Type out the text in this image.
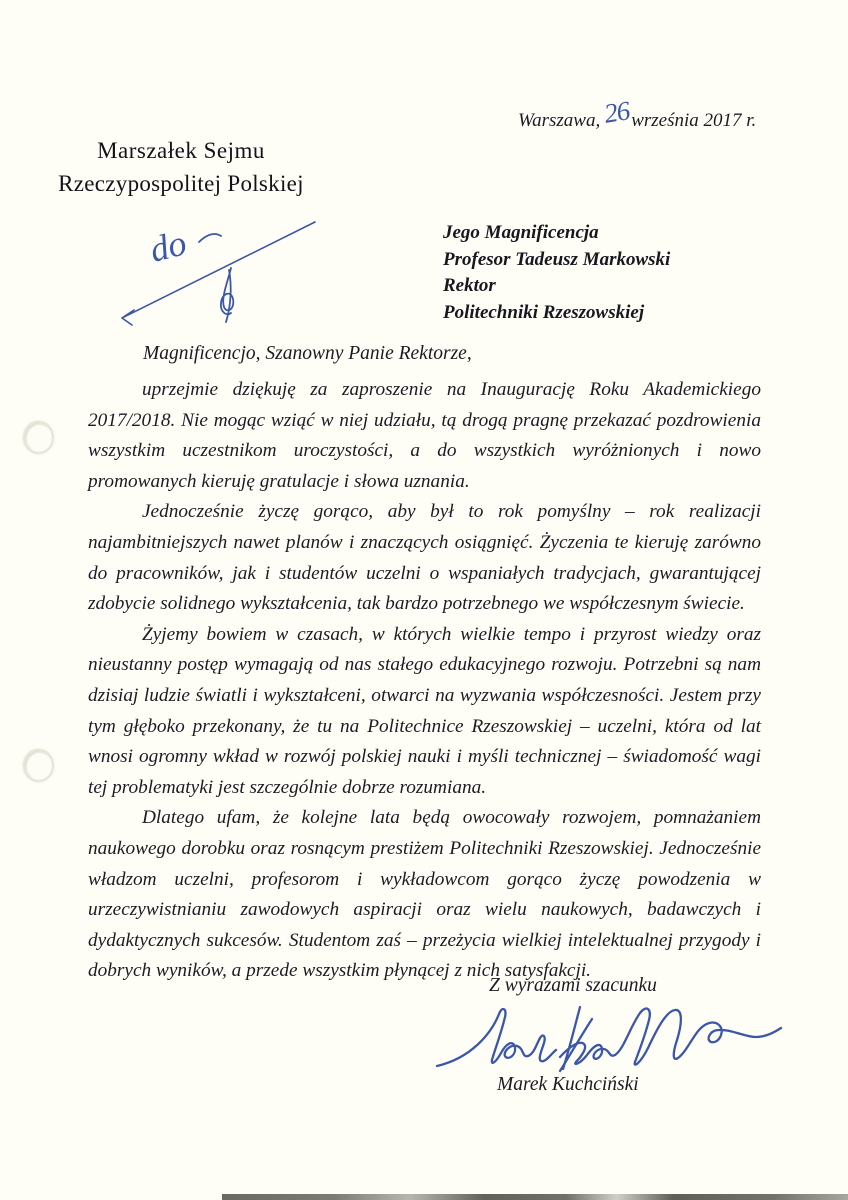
Marszałek Sejmu
Rzeczypospolitej Polskiej
Warszawa,26września 2017 r.
Jego Magnificencja
Profesor Tadeusz Markowski
Rektor
Politechniki Rzeszowskiej
do
Magnificencjo, Szanowny Panie Rektorze,

uprzejmie dziękuję za zaproszenie na Inaugurację Roku Akademickiego 2017/2018. Nie mogąc wziąć w niej udziału, tą drogą pragnę przekazać pozdrowienia wszystkim uczestnikom uroczystości, a do wszystkich wyróżnionych i nowo promowanych kieruję gratulacje i słowa uznania.

Jednocześnie życzę gorąco, aby był to rok pomyślny – rok realizacji najambitniejszych nawet planów i znaczących osiągnięć. Życzenia te kieruję zarówno do pracowników, jak i studentów uczelni o wspaniałych tradycjach, gwarantującej zdobycie solidnego wykształcenia, tak bardzo potrzebnego we współczesnym świecie.

Żyjemy bowiem w czasach, w których wielkie tempo i przyrost wiedzy oraz nieustanny postęp wymagają od nas stałego edukacyjnego rozwoju. Potrzebni są nam dzisiaj ludzie światli i wykształceni, otwarci na wyzwania współczesności. Jestem przy tym głęboko przekonany, że tu na Politechnice Rzeszowskiej – uczelni, która od lat wnosi ogromny wkład w rozwój polskiej nauki i myśli technicznej – świadomość wagi tej problematyki jest szczególnie dobrze rozumiana.

Dlatego ufam, że kolejne lata będą owocowały rozwojem, pomnażaniem naukowego dorobku oraz rosnącym prestiżem Politechniki Rzeszowskiej. Jednocześnie władzom uczelni, profesorom i wykładowcom gorąco życzę powodzenia w urzeczywistnianiu zawodowych aspiracji oraz wielu naukowych, badawczych i dydaktycznych sukcesów. Studentom zaś – przeżycia wielkiej intelektualnej przygody i dobrych wyników, a przede wszystkim płynącej z nich satysfakcji.

Z wyrazami szacunku
Marek Kuchciński
